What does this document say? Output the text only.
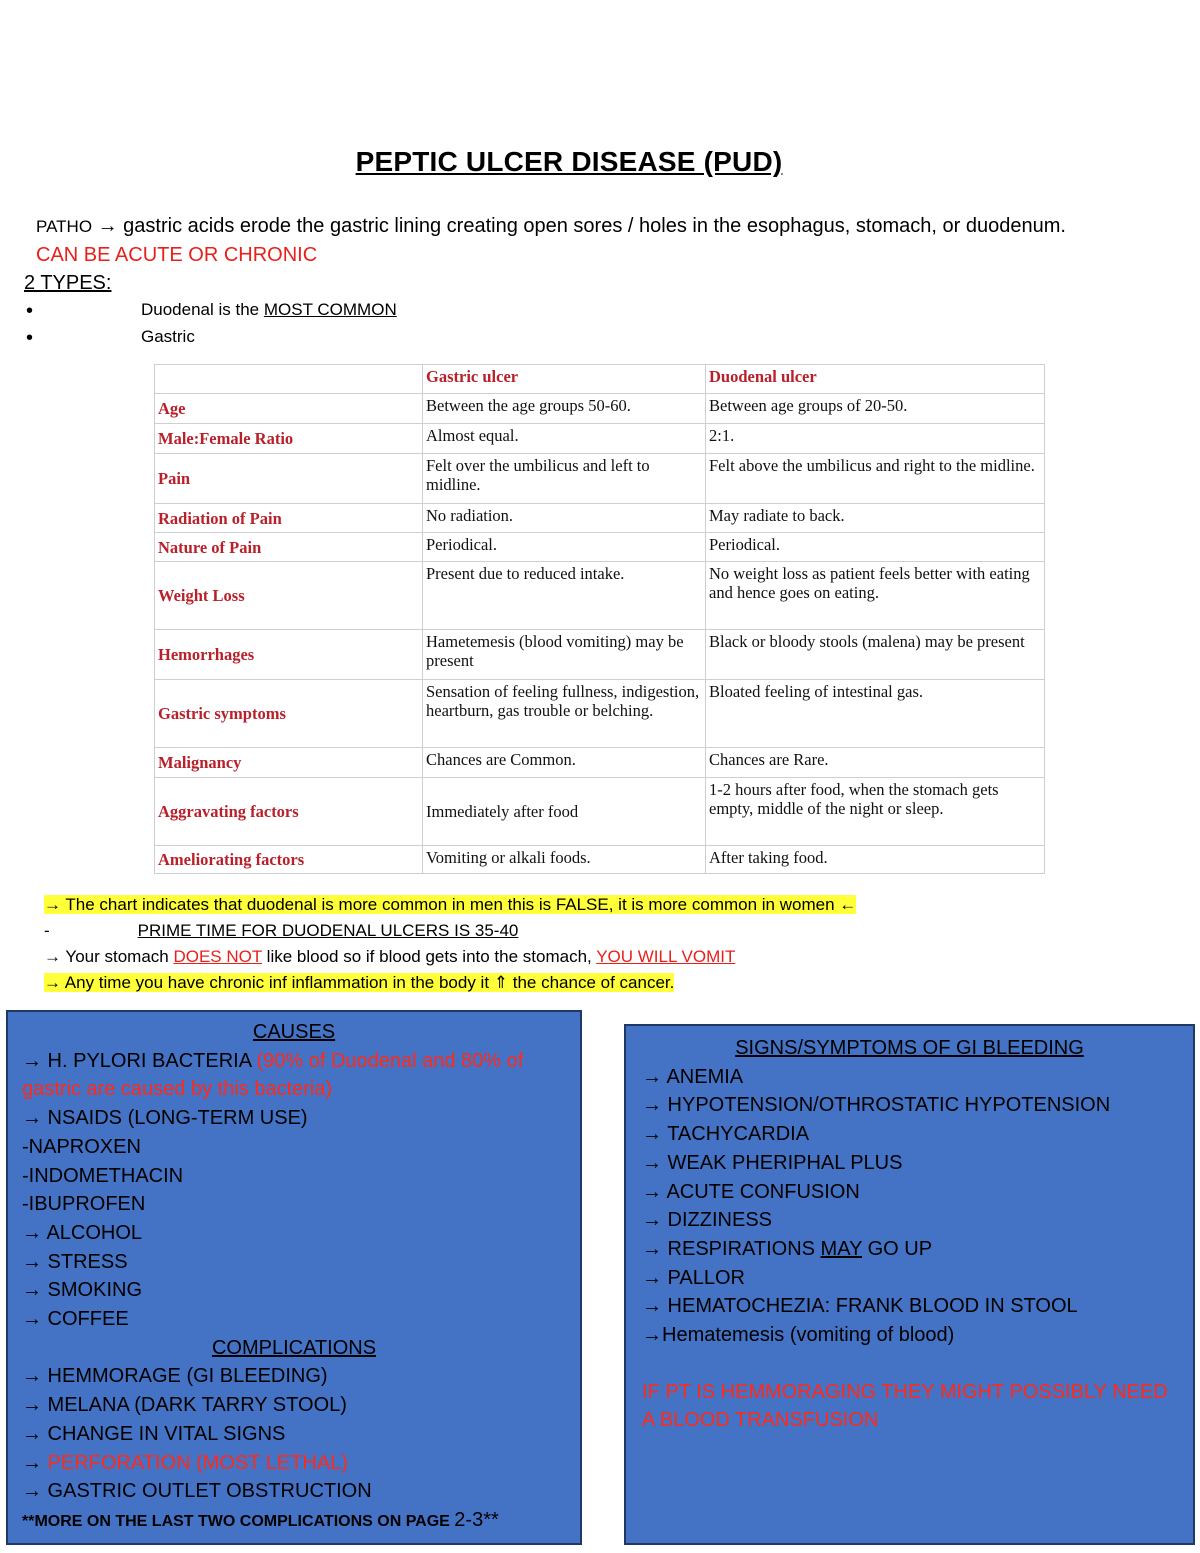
PEPTIC ULCER DISEASE (PUD)
PATHO → gastric acids erode the gastric lining creating open sores / holes in the esophagus, stomach, or duodenum. CAN BE ACUTE OR CHRONIC
2 TYPES:
•	Duodenal is the MOST COMMON
•	Gastric
	Gastric ulcer	Duodenal ulcer
Age	Between the age groups 50-60.	Between age groups of 20-50.
Male:Female Ratio	Almost equal.	2:1.
Pain	Felt over the umbilicus and left to midline.	Felt above the umbilicus and right to the midline.
Radiation of Pain	No radiation.	May radiate to back.
Nature of Pain	Periodical.	Periodical.
Weight Loss	Present due to reduced intake.	No weight loss as patient feels better with eating and hence goes on eating.
Hemorrhages	Hametemesis (blood vomiting) may be present	Black or bloody stools (malena) may be present
Gastric symptoms	Sensation of feeling fullness, indigestion, heartburn, gas trouble or belching.	Bloated feeling of intestinal gas.
Malignancy	Chances are Common.	Chances are Rare.
Aggravating factors	Immediately after food	1-2 hours after food, when the stomach gets empty, middle of the night or sleep.
Ameliorating factors	Vomiting or alkali foods.	After taking food.
→ The chart indicates that duodenal is more common in men this is FALSE, it is more common in women ←
-	PRIME TIME FOR DUODENAL ULCERS IS 35-40
→ Your stomach DOES NOT like blood so if blood gets into the stomach, YOU WILL VOMIT
→ Any time you have chronic inf inflammation in the body it ⇑ the chance of cancer.
CAUSES
→ H. PYLORI BACTERIA (90% of Duodenal and 80% of gastric are caused by this bacteria)
→ NSAIDS (LONG-TERM USE)
-NAPROXEN
-INDOMETHACIN
-IBUPROFEN
→ ALCOHOL
→ STRESS
→ SMOKING
→ COFFEE
COMPLICATIONS
→ HEMMORAGE (GI BLEEDING)
→ MELANA (DARK TARRY STOOL)
→ CHANGE IN VITAL SIGNS
→ PERFORATION (MOST LETHAL)
→ GASTRIC OUTLET OBSTRUCTION
**MORE ON THE LAST TWO COMPLICATIONS ON PAGE 2-3**
SIGNS/SYMPTOMS OF GI BLEEDING
→ ANEMIA
→ HYPOTENSION/OTHROSTATIC HYPOTENSION
→ TACHYCARDIA
→ WEAK PHERIPHAL PLUS
→ ACUTE CONFUSION
→ DIZZINESS
→ RESPIRATIONS MAY GO UP
→ PALLOR
→ HEMATOCHEZIA: FRANK BLOOD IN STOOL
→Hematemesis (vomiting of blood)
IF PT IS HEMMORAGING THEY MIGHT POSSIBLY NEED A BLOOD TRANSFUSION
